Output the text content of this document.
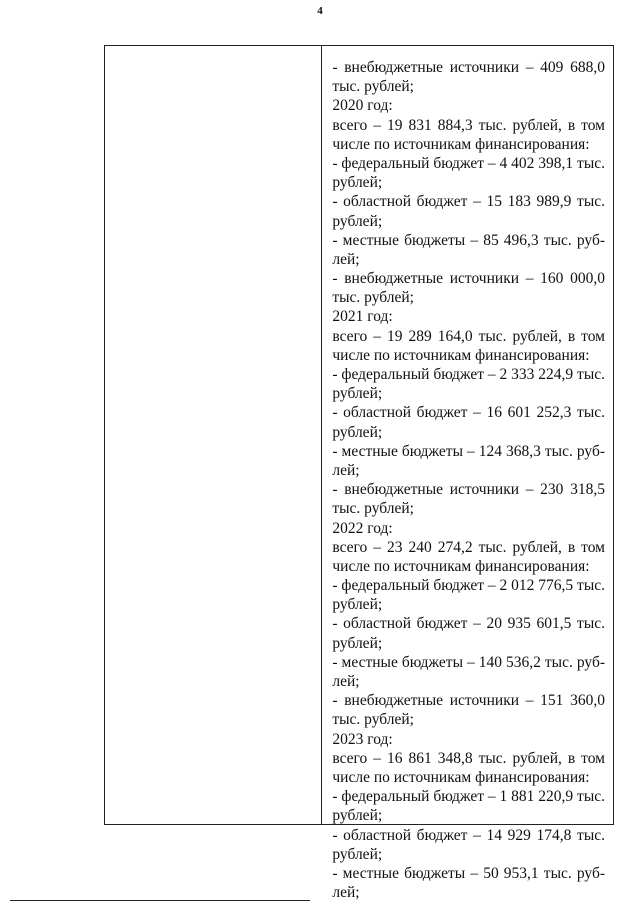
4
- внебюджетные источники – 409 688,0
тыс. рублей;
2020 год:
всего – 19 831 884,3 тыс. рублей, в том
числе по источникам финансирования:
- федеральный бюджет – 4 402 398,1 тыс.
рублей;
- областной бюджет – 15 183 989,9 тыс.
рублей;
- местные бюджеты – 85 496,3 тыс. руб-
лей;
- внебюджетные источники – 160 000,0
тыс. рублей;
2021 год:
всего – 19 289 164,0 тыс. рублей, в том
числе по источникам финансирования:
- федеральный бюджет – 2 333 224,9 тыс.
рублей;
- областной бюджет – 16 601 252,3 тыс.
рублей;
- местные бюджеты – 124 368,3 тыс. руб-
лей;
- внебюджетные источники – 230 318,5
тыс. рублей;
2022 год:
всего – 23 240 274,2 тыс. рублей, в том
числе по источникам финансирования:
- федеральный бюджет – 2 012 776,5 тыс.
рублей;
- областной бюджет – 20 935 601,5 тыс.
рублей;
- местные бюджеты – 140 536,2 тыс. руб-
лей;
- внебюджетные источники – 151 360,0
тыс. рублей;
2023 год:
всего – 16 861 348,8 тыс. рублей, в том
числе по источникам финансирования:
- федеральный бюджет – 1 881 220,9 тыс.
рублей;
- областной бюджет – 14 929 174,8 тыс.
рублей;
- местные бюджеты – 50 953,1 тыс. руб-
лей;
